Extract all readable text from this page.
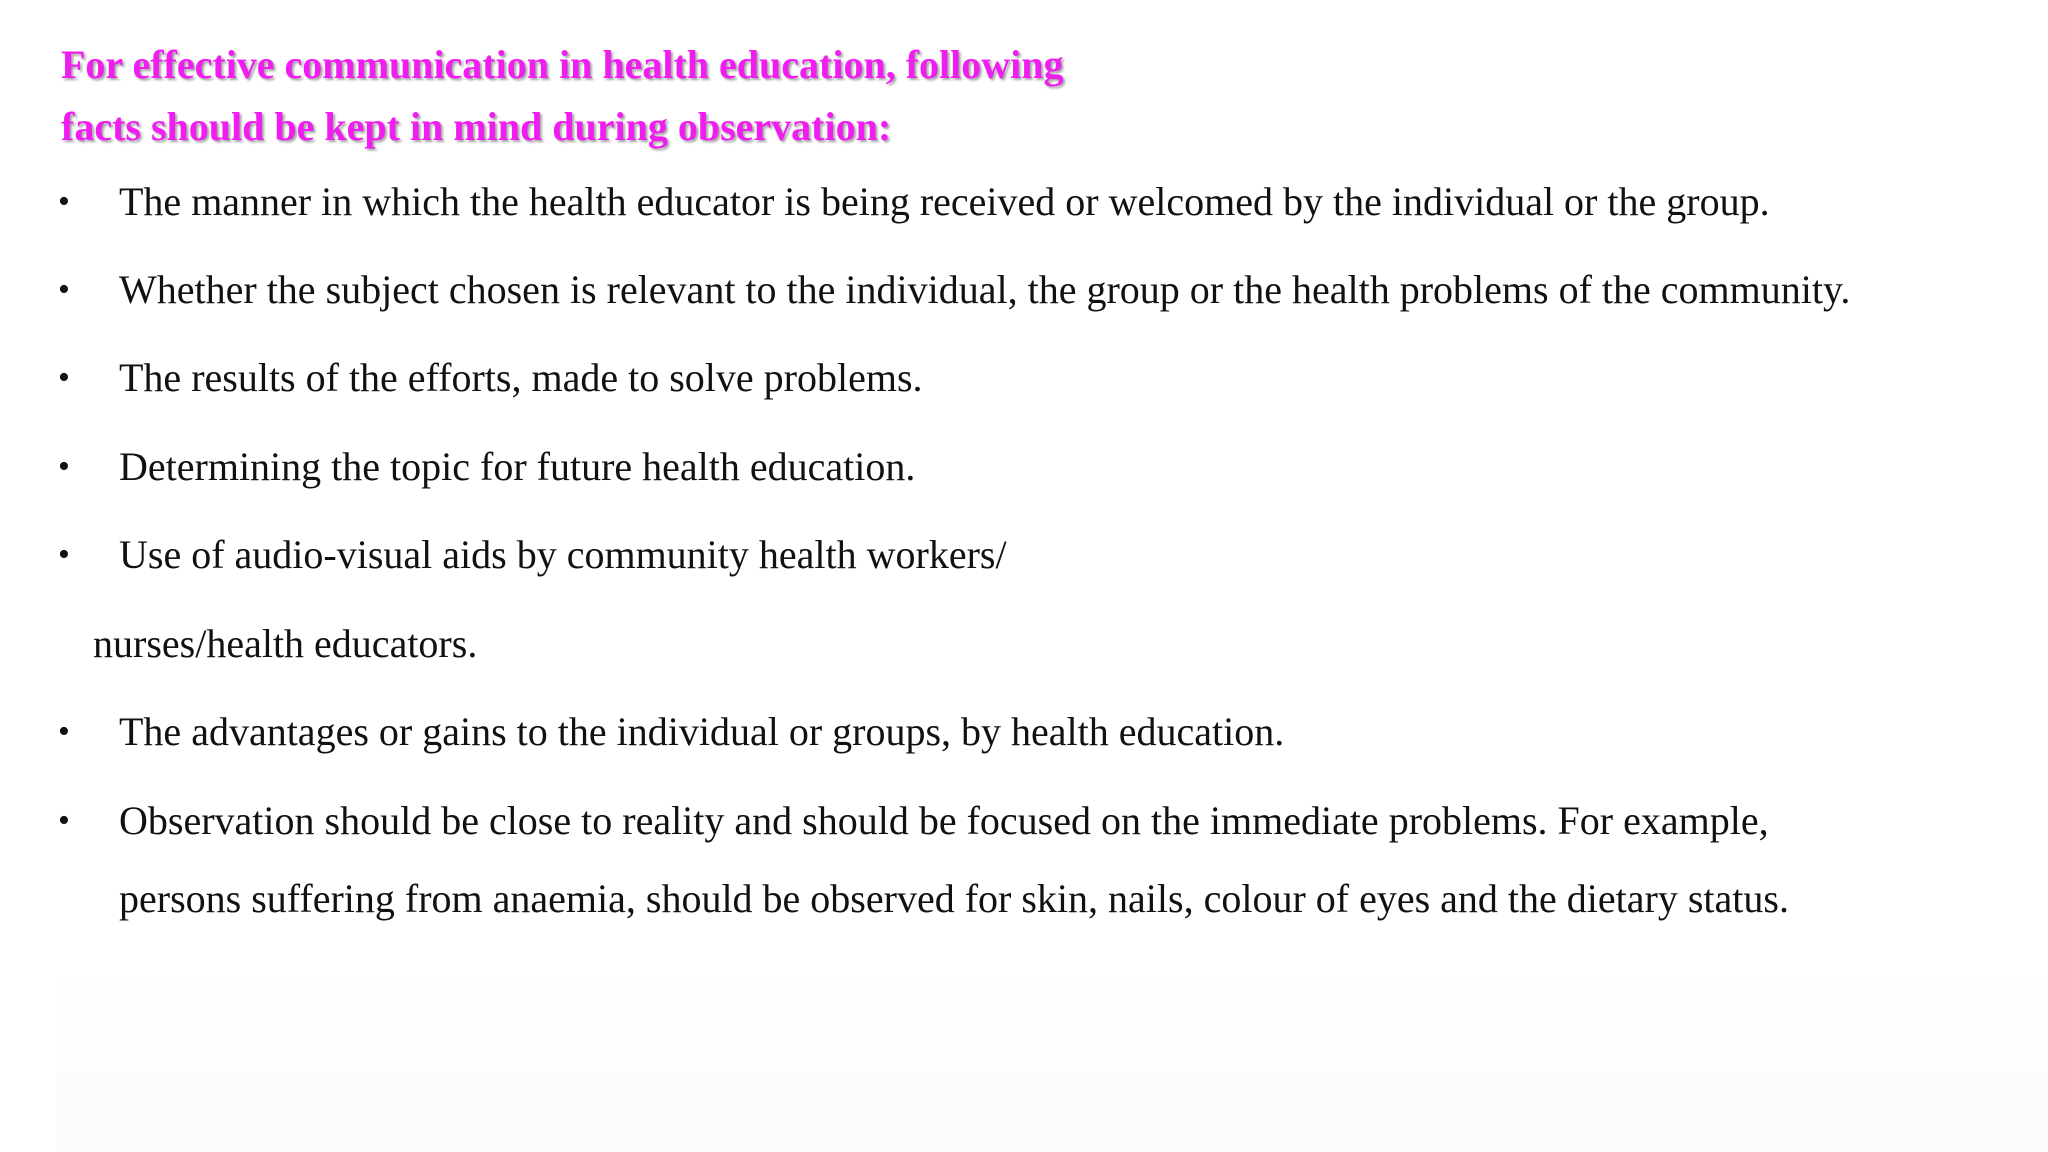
For effective communication in health education, following
facts should be kept in mind during observation:
•	The manner in which the health educator is being received or welcomed by the individual or the group.
•	Whether the subject chosen is relevant to the individual, the group or the health problems of the community.
•	The results of the efforts, made to solve problems.
•	Determining the topic for future health education.
•	Use of audio-visual aids by community health workers/
nurses/health educators.
•	The advantages or gains to the individual or groups, by health education.
•	Observation should be close to reality and should be focused on the immediate problems. For example,
persons suffering from anaemia, should be observed for skin, nails, colour of eyes and the dietary status.
